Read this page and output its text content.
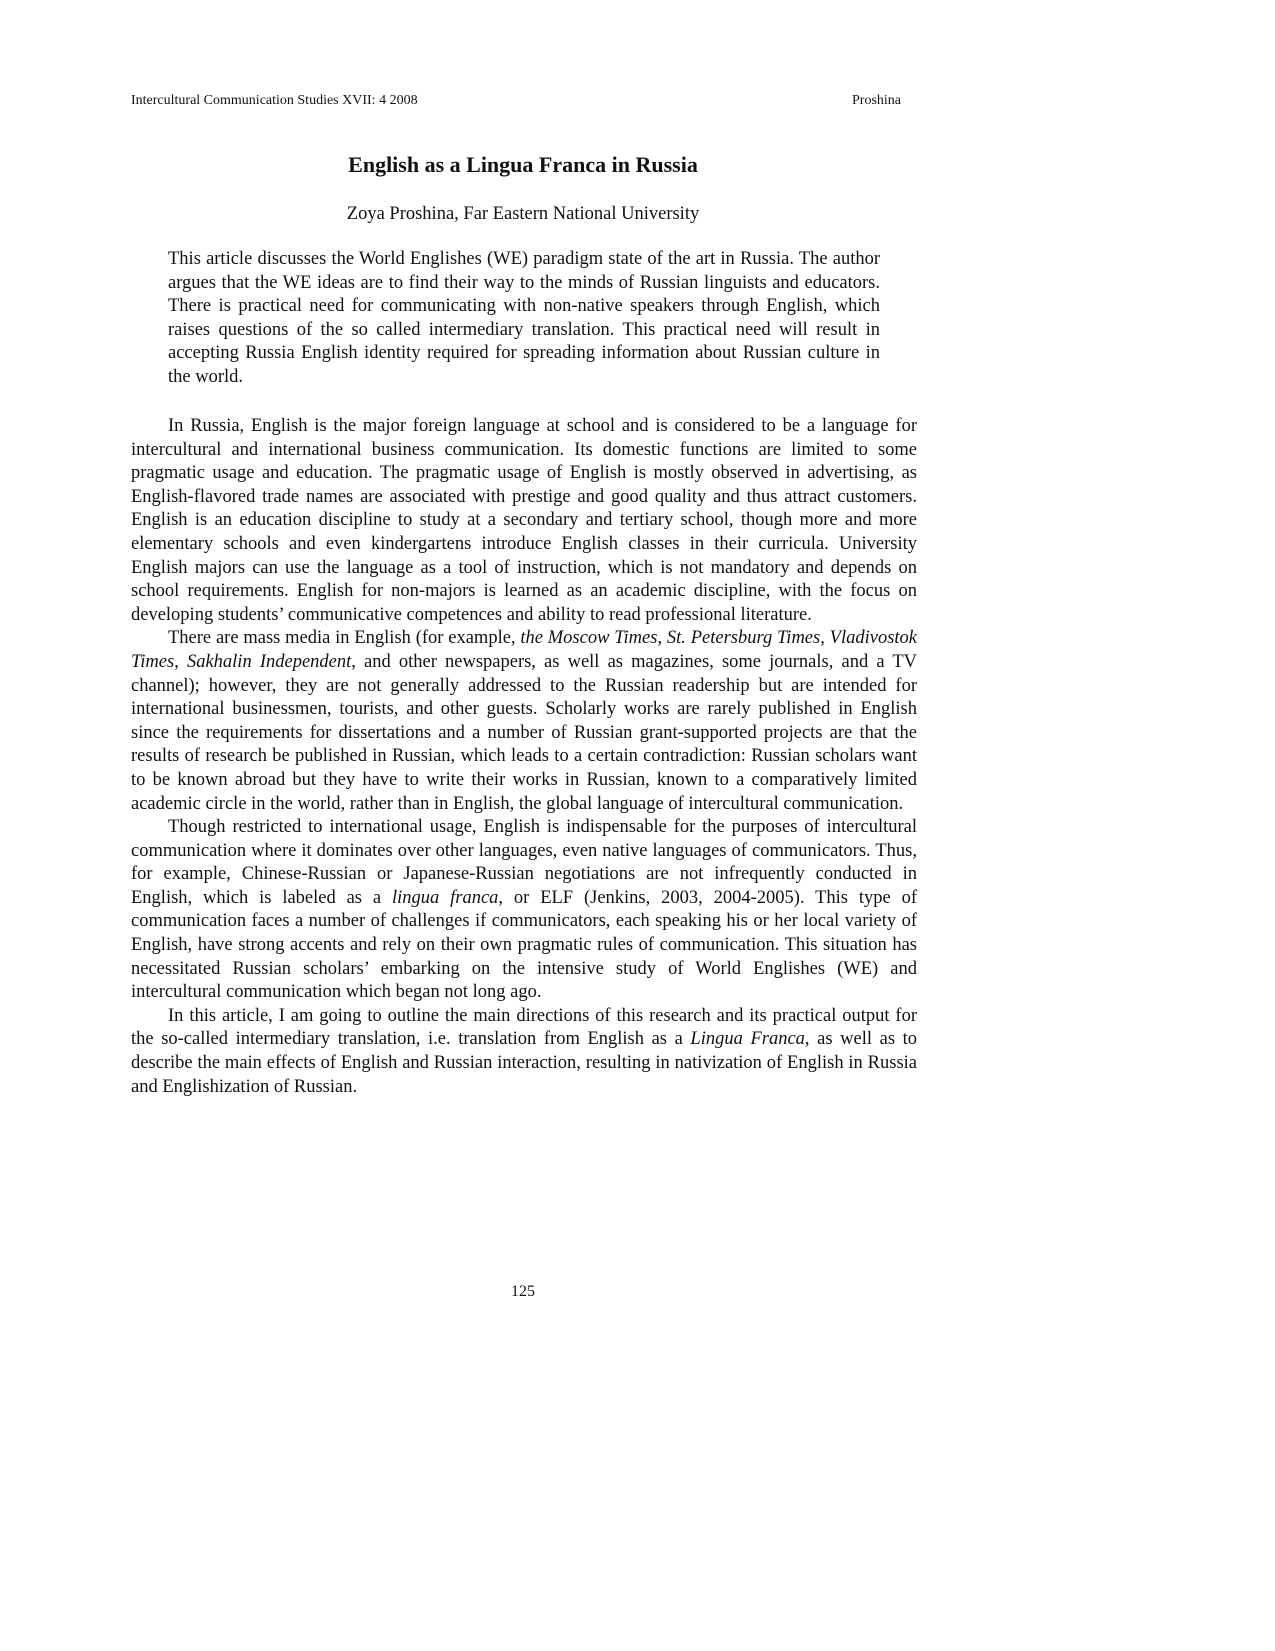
Intercultural Communication Studies XVII: 4 2008	Proshina
English as a Lingua Franca in Russia
Zoya Proshina, Far Eastern National University

This article discusses the World Englishes (WE) paradigm state of the art in Russia. The author argues that the WE ideas are to find their way to the minds of Russian linguists and educators. There is practical need for communicating with non-native speakers through English, which raises questions of the so called intermediary translation. This practical need will result in accepting Russia English identity required for spreading information about Russian culture in the world.

In Russia, English is the major foreign language at school and is considered to be a language for intercultural and international business communication. Its domestic functions are limited to some pragmatic usage and education. The pragmatic usage of English is mostly observed in advertising, as English-flavored trade names are associated with prestige and good quality and thus attract customers. English is an education discipline to study at a secondary and tertiary school, though more and more elementary schools and even kindergartens introduce English classes in their curricula. University English majors can use the language as a tool of instruction, which is not mandatory and depends on school requirements. English for non-majors is learned as an academic discipline, with the focus on developing students’ communicative competences and ability to read professional literature.

There are mass media in English (for example, the Moscow Times, St. Petersburg Times, Vladivostok Times, Sakhalin Independent, and other newspapers, as well as magazines, some journals, and a TV channel); however, they are not generally addressed to the Russian readership but are intended for international businessmen, tourists, and other guests. Scholarly works are rarely published in English since the requirements for dissertations and a number of Russian grant-supported projects are that the results of research be published in Russian, which leads to a certain contradiction: Russian scholars want to be known abroad but they have to write their works in Russian, known to a comparatively limited academic circle in the world, rather than in English, the global language of intercultural communication.

Though restricted to international usage, English is indispensable for the purposes of intercultural communication where it dominates over other languages, even native languages of communicators. Thus, for example, Chinese-Russian or Japanese-Russian negotiations are not infrequently conducted in English, which is labeled as a lingua franca, or ELF (Jenkins, 2003, 2004-2005). This type of communication faces a number of challenges if communicators, each speaking his or her local variety of English, have strong accents and rely on their own pragmatic rules of communication. This situation has necessitated Russian scholars’ embarking on the intensive study of World Englishes (WE) and intercultural communication which began not long ago.

In this article, I am going to outline the main directions of this research and its practical output for the so-called intermediary translation, i.e. translation from English as a Lingua Franca, as well as to describe the main effects of English and Russian interaction, resulting in nativization of English in Russia and Englishization of Russian.

125
